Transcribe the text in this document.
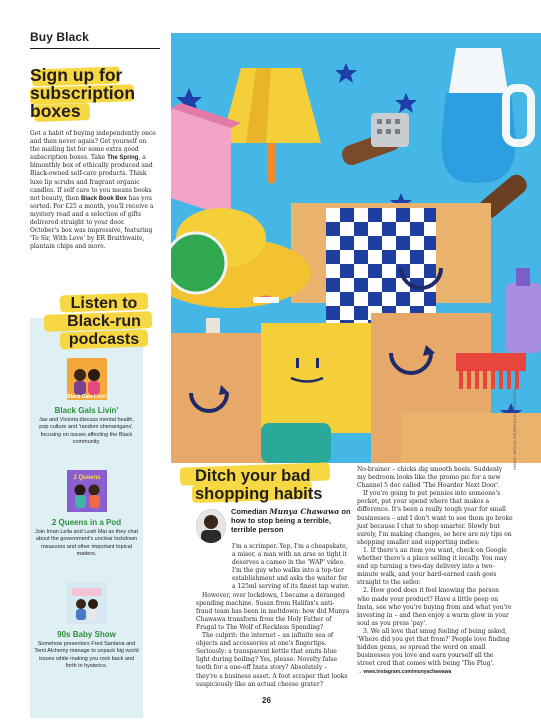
Buy Black
Sign up for
subscription
boxes
Got a habit of buying independently once and then never again? Get yourself on the mailing list for some extra good subscription boxes. Take The Spring, a bimonthly box of ethically produced and Black-owned self-care products. Think luxe lip scrubs and fragrant organic candles. If self care to you means books not beauty, then Black Book Box has you sorted. For £25 a month, you'll receive a mystery read and a selection of gifts delivered straight to your door. October's box was impressive, featuring 'To Sir, With Love' by ER Braithwaite, plantain chips and more.
Listen to
Black-run
podcasts
Black Gals Livin'
Black Gals Livin'
Jas and Victoria discuss mental health, pop culture and 'random shenanigans', focusing on issues affecting the Black community.
2 Queens
2 Queens in a Pod
Join Iman Leila and Leah Mai as they chat about the government's unclear lockdown measures and other important topical matters.
90s Baby Show
Somehow presenters Fred Santana and Temi Alchemy manage to unpack big world issues while making you rock back and forth in hysterics.
Ditch your bad
shopping habits
Comedian Munya Chawawa on how to stop being a terrible, terrible person

I'm a scrimper. Yep, I'm a cheapskate, a miser, a man with an arse so tight it deserves a cameo in the 'WAP' video. I'm the guy who walks into a top-tier establishment and asks the waiter for a 125ml serving of its finest tap water.

However, over lockdown, I became a deranged spending machine. Susan from Halifax's anti-fraud team has been in meltdown: how did Munya Chawawa transform from the Holy Father of Frugal to The Wolf of Reckless Spending?

The culprit: the internet – an infinite sea of objects and accessories at one's fingertips. Seriously: a transparent kettle that emits blue light during boiling? Yes, please. Novelty false teeth for a one-off Insta story? Absolutely – they're a business asset. A foot scraper that looks suspiciously like an actual cheese grater?

No-brainer – chicks dig smooth heels. Suddenly my bedroom looks like the promo pic for a new Channel 5 doc called 'The Hoarder Next Door'.

If you're going to put pennies into someone's pocket, put your spend where that makes a difference. It's been a really tough year for small businesses – and I don't want to see them go broke just because I chat to shop smarter. Slowly but surely, I'm making changes, so here are my tips on shopping smaller and supporting indies:

1. If there's an item you want, check on Google whether there's a place selling it locally. You may end up turning a two-day delivery into a two-minute walk, and your hard-earned cash goes straight to the seller.

2. How good does it feel knowing the person who made your product? Have a little peep on Insta, see who you're buying from and what you're investing in – and then enjoy a warm glow in your soul as you press 'pay'.

3. We all love that smug feeling of being asked, 'Where did you get that from?' People love finding hidden gems, so spread the word on small businesses you love and earn yourself all the street cred that comes with being 'The Plug'.

→ www.instagram.com/munyachawawa
IMAGE: MOLLIE WEARS AN ILLUSTRATION
26
